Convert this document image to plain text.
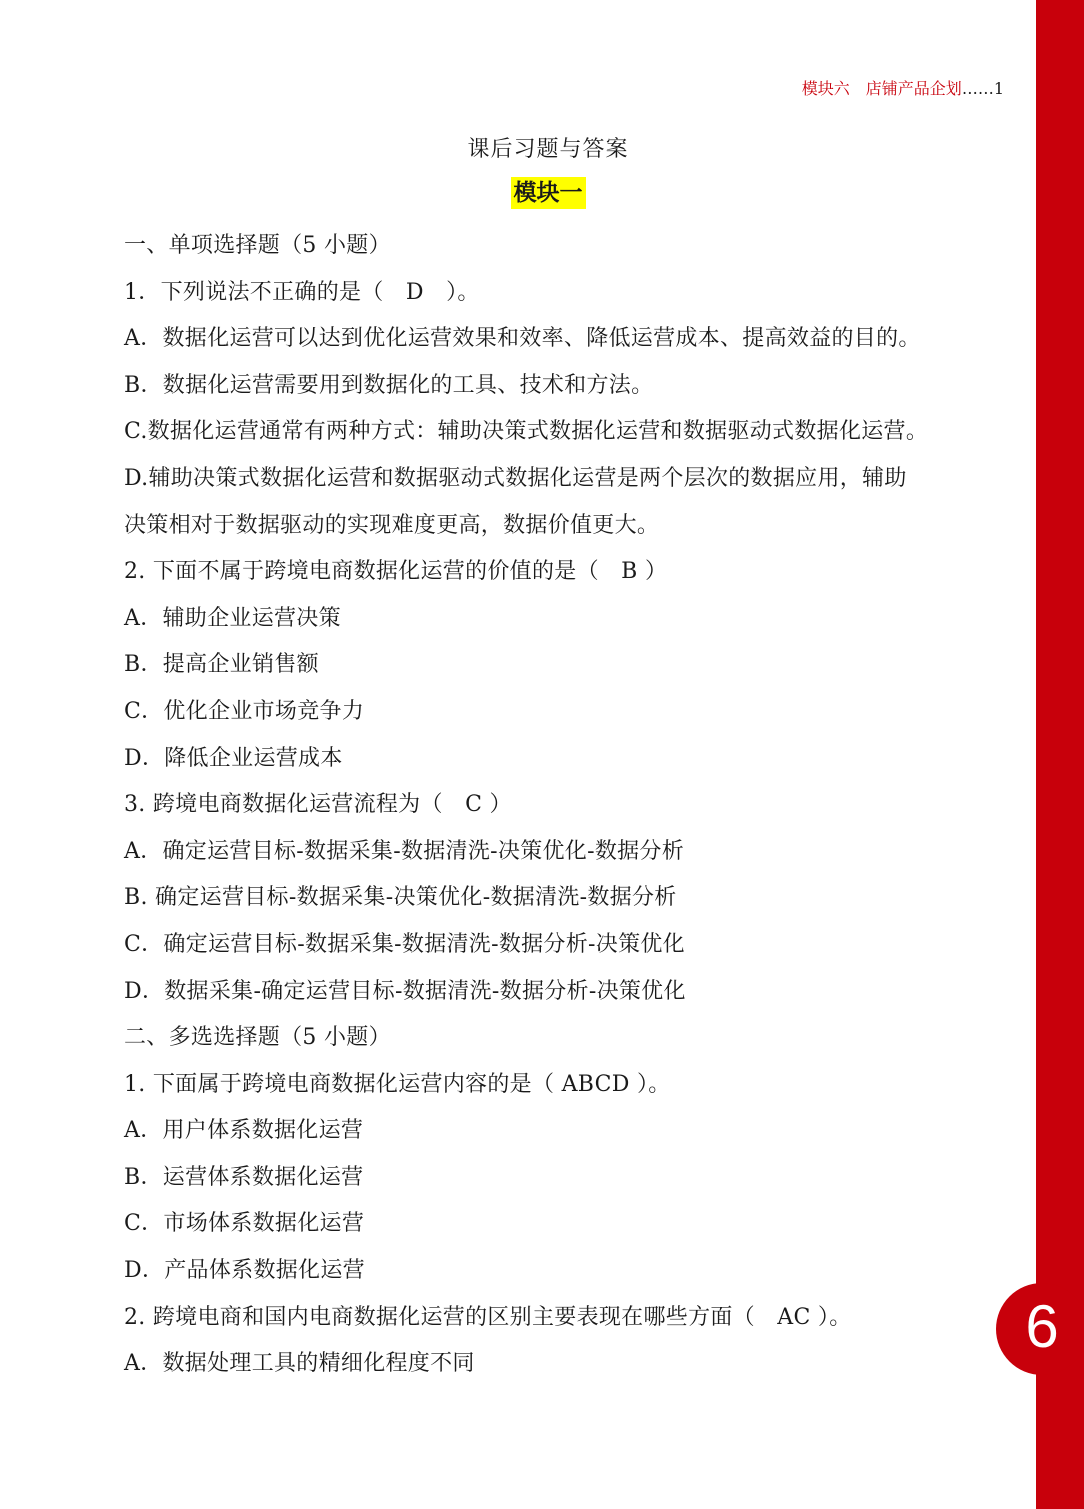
6
模块六　店铺产品企划……1
课后习题与答案
模块一
一、单项选择题（5 小题）
1．下列说法不正确的是（　D　）。
A．数据化运营可以达到优化运营效果和效率、降低运营成本、提高效益的目的。
B．数据化运营需要用到数据化的工具、技术和方法。
C.数据化运营通常有两种方式：辅助决策式数据化运营和数据驱动式数据化运营。
D.辅助决策式数据化运营和数据驱动式数据化运营是两个层次的数据应用，辅助
决策相对于数据驱动的实现难度更高，数据价值更大。
2. 下面不属于跨境电商数据化运营的价值的是（　B ）
A．辅助企业运营决策
B．提高企业销售额
C．优化企业市场竞争力
D．降低企业运营成本
3. 跨境电商数据化运营流程为（　C ）
A．确定运营目标-数据采集-数据清洗-决策优化-数据分析
B. 确定运营目标-数据采集-决策优化-数据清洗-数据分析
C．确定运营目标-数据采集-数据清洗-数据分析-决策优化
D．数据采集-确定运营目标-数据清洗-数据分析-决策优化
二、多选选择题（5 小题）
1. 下面属于跨境电商数据化运营内容的是（ ABCD ）。
A．用户体系数据化运营
B．运营体系数据化运营
C．市场体系数据化运营
D．产品体系数据化运营
2. 跨境电商和国内电商数据化运营的区别主要表现在哪些方面（　AC ）。
A．数据处理工具的精细化程度不同
